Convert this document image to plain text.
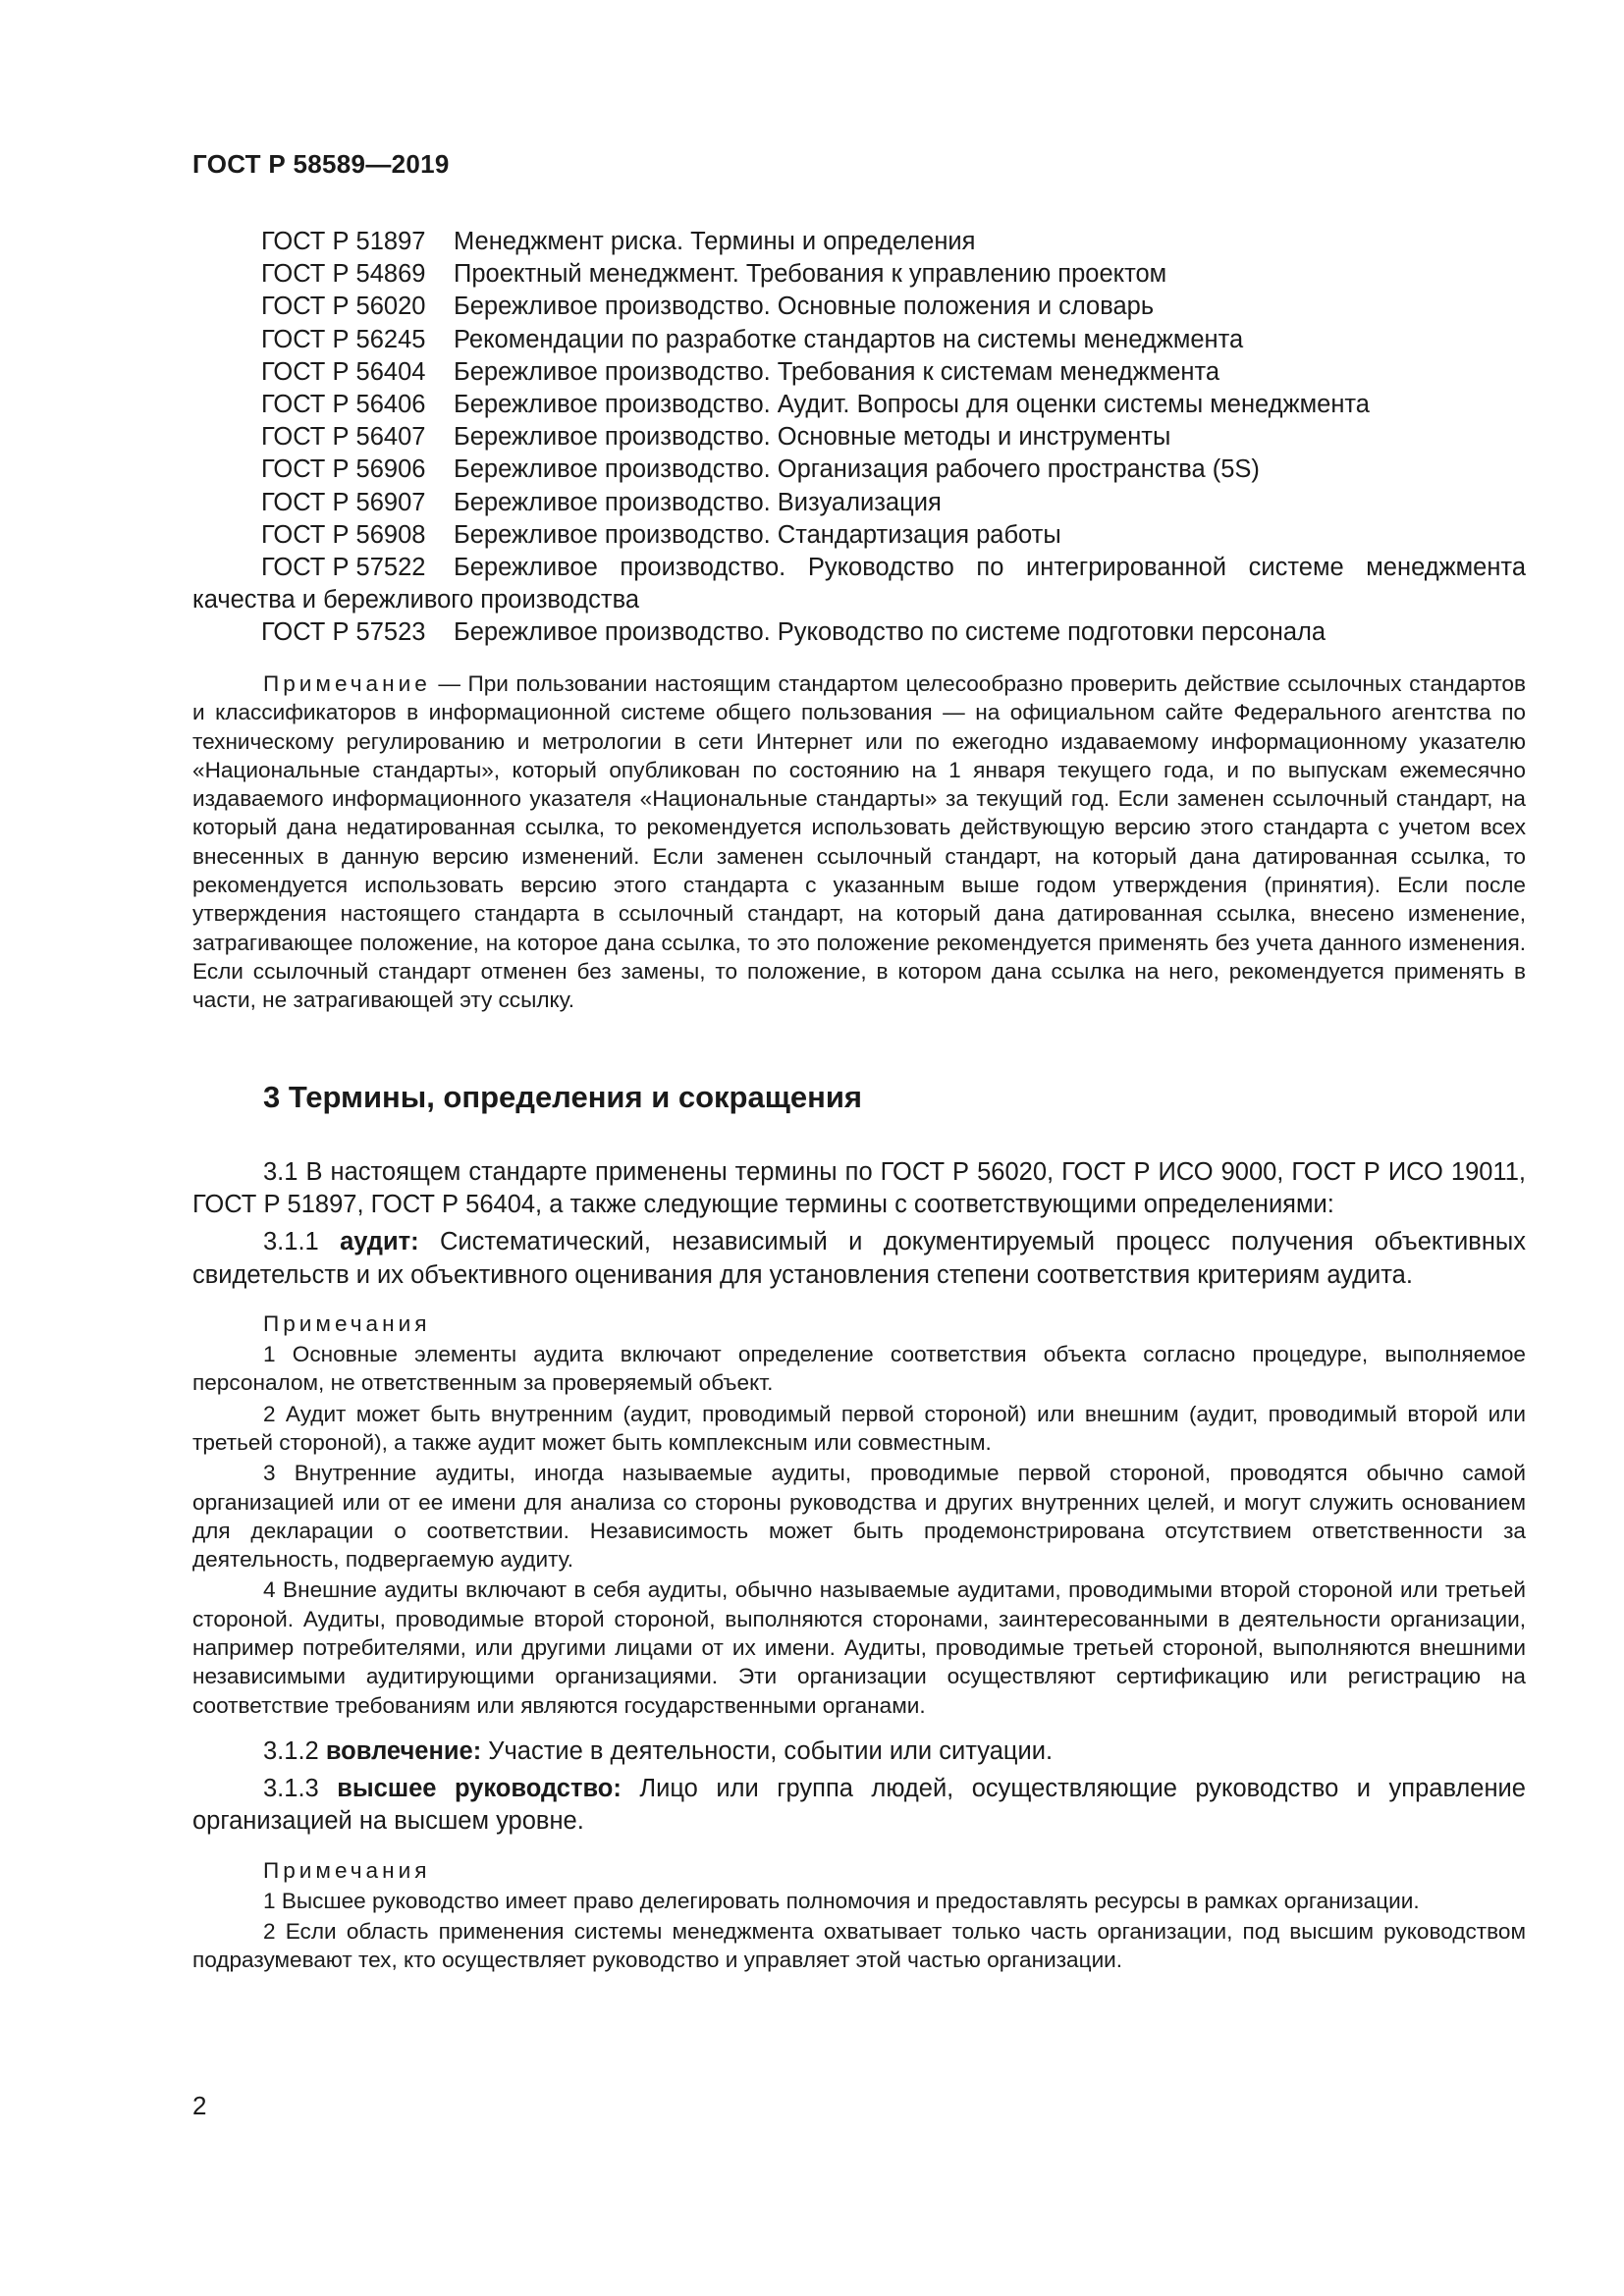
ГОСТ Р 58589—2019

ГОСТ Р 51897 Менеджмент риска. Термины и определения

ГОСТ Р 54869 Проектный менеджмент. Требования к управлению проектом

ГОСТ Р 56020 Бережливое производство. Основные положения и словарь

ГОСТ Р 56245 Рекомендации по разработке стандартов на системы менеджмента

ГОСТ Р 56404 Бережливое производство. Требования к системам менеджмента

ГОСТ Р 56406 Бережливое производство. Аудит. Вопросы для оценки системы менеджмента

ГОСТ Р 56407 Бережливое производство. Основные методы и инструменты

ГОСТ Р 56906 Бережливое производство. Организация рабочего пространства (5S)

ГОСТ Р 56907 Бережливое производство. Визуализация

ГОСТ Р 56908 Бережливое производство. Стандартизация работы

ГОСТ Р 57522 Бережливое производство. Руководство по интегрированной системе менеджмента качества и бережливого производства

ГОСТ Р 57523 Бережливое производство. Руководство по системе подготовки персонала

Примечание — При пользовании настоящим стандартом целесообразно проверить действие ссылочных стандартов и классификаторов в информационной системе общего пользования — на официальном сайте Федерального агентства по техническому регулированию и метрологии в сети Интернет или по ежегодно издаваемому информационному указателю «Национальные стандарты», который опубликован по состоянию на 1 января текущего года, и по выпускам ежемесячно издаваемого информационного указателя «Национальные стандарты» за текущий год. Если заменен ссылочный стандарт, на который дана недатированная ссылка, то рекомендуется использовать действующую версию этого стандарта с учетом всех внесенных в данную версию изменений. Если заменен ссылочный стандарт, на который дана датированная ссылка, то рекомендуется использовать версию этого стандарта с указанным выше годом утверждения (принятия). Если после утверждения настоящего стандарта в ссылочный стандарт, на который дана датированная ссылка, внесено изменение, затрагивающее положение, на которое дана ссылка, то это положение рекомендуется применять без учета данного изменения. Если ссылочный стандарт отменен без замены, то положение, в котором дана ссылка на него, рекомендуется применять в части, не затрагивающей эту ссылку.

3 Термины, определения и сокращения

3.1 В настоящем стандарте применены термины по ГОСТ Р 56020, ГОСТ Р ИСО 9000, ГОСТ Р ИСО 19011, ГОСТ Р 51897, ГОСТ Р 56404, а также следующие термины с соответствующими определениями:

3.1.1 аудит: Систематический, независимый и документируемый процесс получения объективных свидетельств и их объективного оценивания для установления степени соответствия критериям аудита.

Примечания

1 Основные элементы аудита включают определение соответствия объекта согласно процедуре, выполняемое персоналом, не ответственным за проверяемый объект.

2 Аудит может быть внутренним (аудит, проводимый первой стороной) или внешним (аудит, проводимый второй или третьей стороной), а также аудит может быть комплексным или совместным.

3 Внутренние аудиты, иногда называемые аудиты, проводимые первой стороной, проводятся обычно самой организацией или от ее имени для анализа со стороны руководства и других внутренних целей, и могут служить основанием для декларации о соответствии. Независимость может быть продемонстрирована отсутствием ответственности за деятельность, подвергаемую аудиту.

4 Внешние аудиты включают в себя аудиты, обычно называемые аудитами, проводимыми второй стороной или третьей стороной. Аудиты, проводимые второй стороной, выполняются сторонами, заинтересованными в деятельности организации, например потребителями, или другими лицами от их имени. Аудиты, проводимые третьей стороной, выполняются внешними независимыми аудитирующими организациями. Эти организации осуществляют сертификацию или регистрацию на соответствие требованиям или являются государственными органами.

3.1.2 вовлечение: Участие в деятельности, событии или ситуации.

3.1.3 высшее руководство: Лицо или группа людей, осуществляющие руководство и управление организацией на высшем уровне.

Примечания

1 Высшее руководство имеет право делегировать полномочия и предоставлять ресурсы в рамках организации.

2 Если область применения системы менеджмента охватывает только часть организации, под высшим руководством подразумевают тех, кто осуществляет руководство и управляет этой частью организации.

2
